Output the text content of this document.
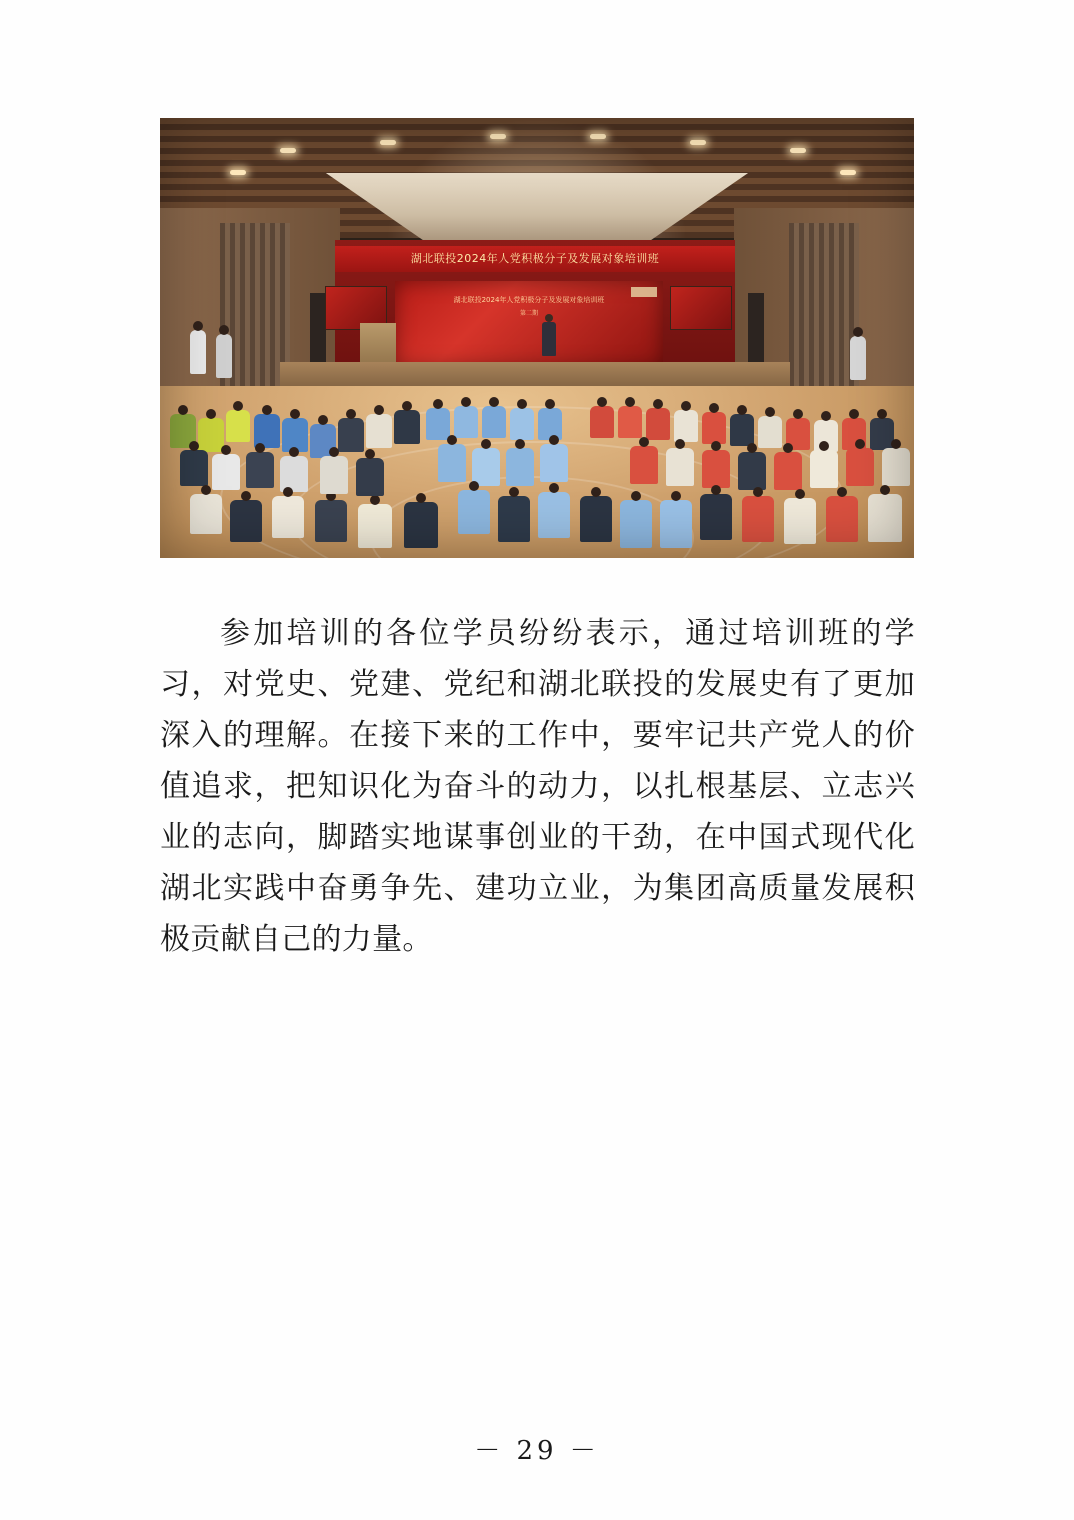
湖北联投2024年人党积极分子及发展对象培训班
湖北联投2024年人党积极分子及发展对象培训班
第二期

参加培训的各位学员纷纷表示，通过培训班的学习，对党史、党建、党纪和湖北联投的发展史有了更加深入的理解。在接下来的工作中，要牢记共产党人的价值追求，把知识化为奋斗的动力，以扎根基层、立志兴业的志向，脚踏实地谋事创业的干劲，在中国式现代化湖北实践中奋勇争先、建功立业，为集团高质量发展积极贡献自己的力量。

－ 29 －
